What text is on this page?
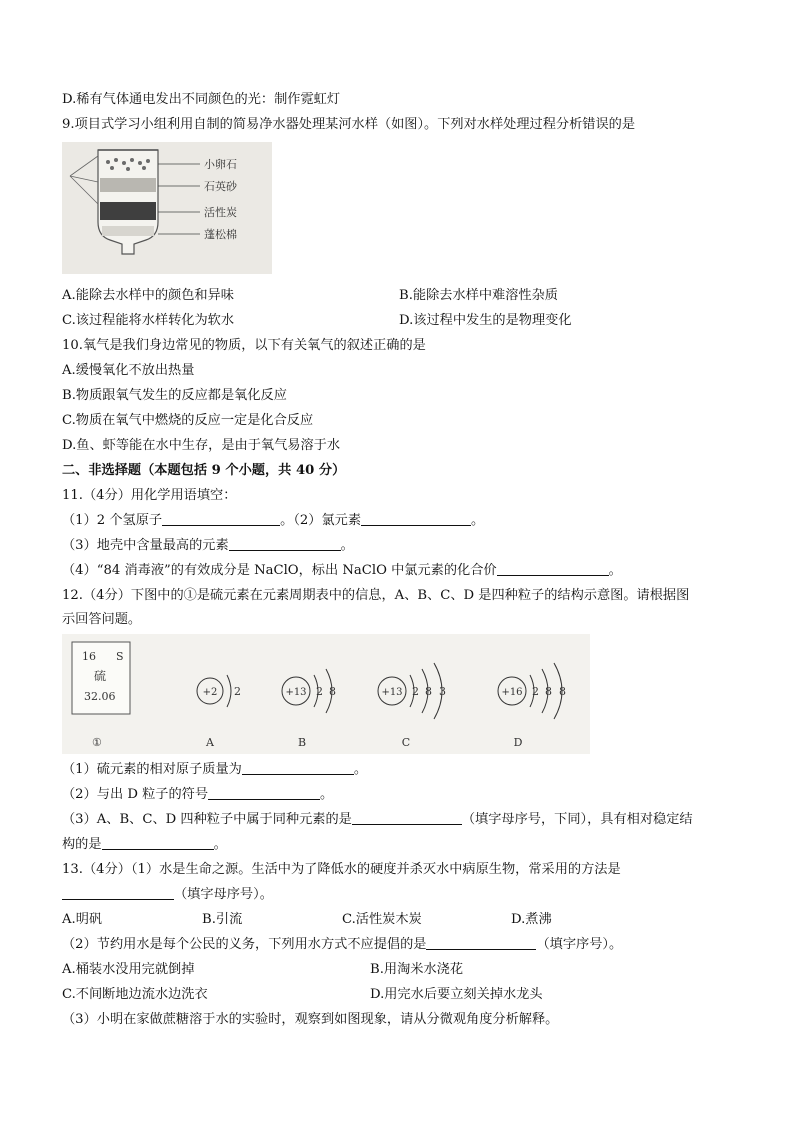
D.稀有气体通电发出不同颜色的光：制作霓虹灯
9.项目式学习小组利用自制的简易净水器处理某河水样（如图）。下列对水样处理过程分析错误的是
小卵石
石英砂
活性炭
蓬松棉
A.能除去水样中的颜色和异味	B.能除去水样中难溶性杂质
C.该过程能将水样转化为软水	D.该过程中发生的是物理变化
10.氧气是我们身边常见的物质，以下有关氧气的叙述正确的是
A.缓慢氧化不放出热量
B.物质跟氧气发生的反应都是氧化反应
C.物质在氧气中燃烧的反应一定是化合反应
D.鱼、虾等能在水中生存，是由于氧气易溶于水
二、非选择题（本题包括 9 个小题，共 40 分）
11.（4分）用化学用语填空：
（1）2 个氢原子	。（2）氯元素	。
（3）地壳中含量最高的元素	。
（4）“84 消毒液”的有效成分是 NaClO，标出 NaClO 中氯元素的化合价	。
12.（4分）下图中的①是硫元素在元素周期表中的信息，A、B、C、D 是四种粒子的结构示意图。请根据图
示回答问题。
16 S
硫
32.06
①
+2 2
A
+13 2 8
B
+13 2 8 3
C
+16 2 8 8
D
（1）硫元素的相对原子质量为	。
（2）与出 D 粒子的符号	。
（3）A、B、C、D 四种粒子中属于同种元素的是	（填字母序号，下同），具有相对稳定结
构的是	。
13.（4分）（1）水是生命之源。生活中为了降低水的硬度并杀灭水中病原生物，常采用的方法是
（填字母序号）。
A.明矾	B.引流	C.活性炭木炭	D.煮沸
（2）节约用水是每个公民的义务，下列用水方式不应提倡的是	（填字序号）。
A.桶装水没用完就倒掉	B.用淘米水浇花
C.不间断地边流水边洗衣	D.用完水后要立刻关掉水龙头
（3）小明在家做蔗糖溶于水的实验时，观察到如图现象，请从分微观角度分析解释。
